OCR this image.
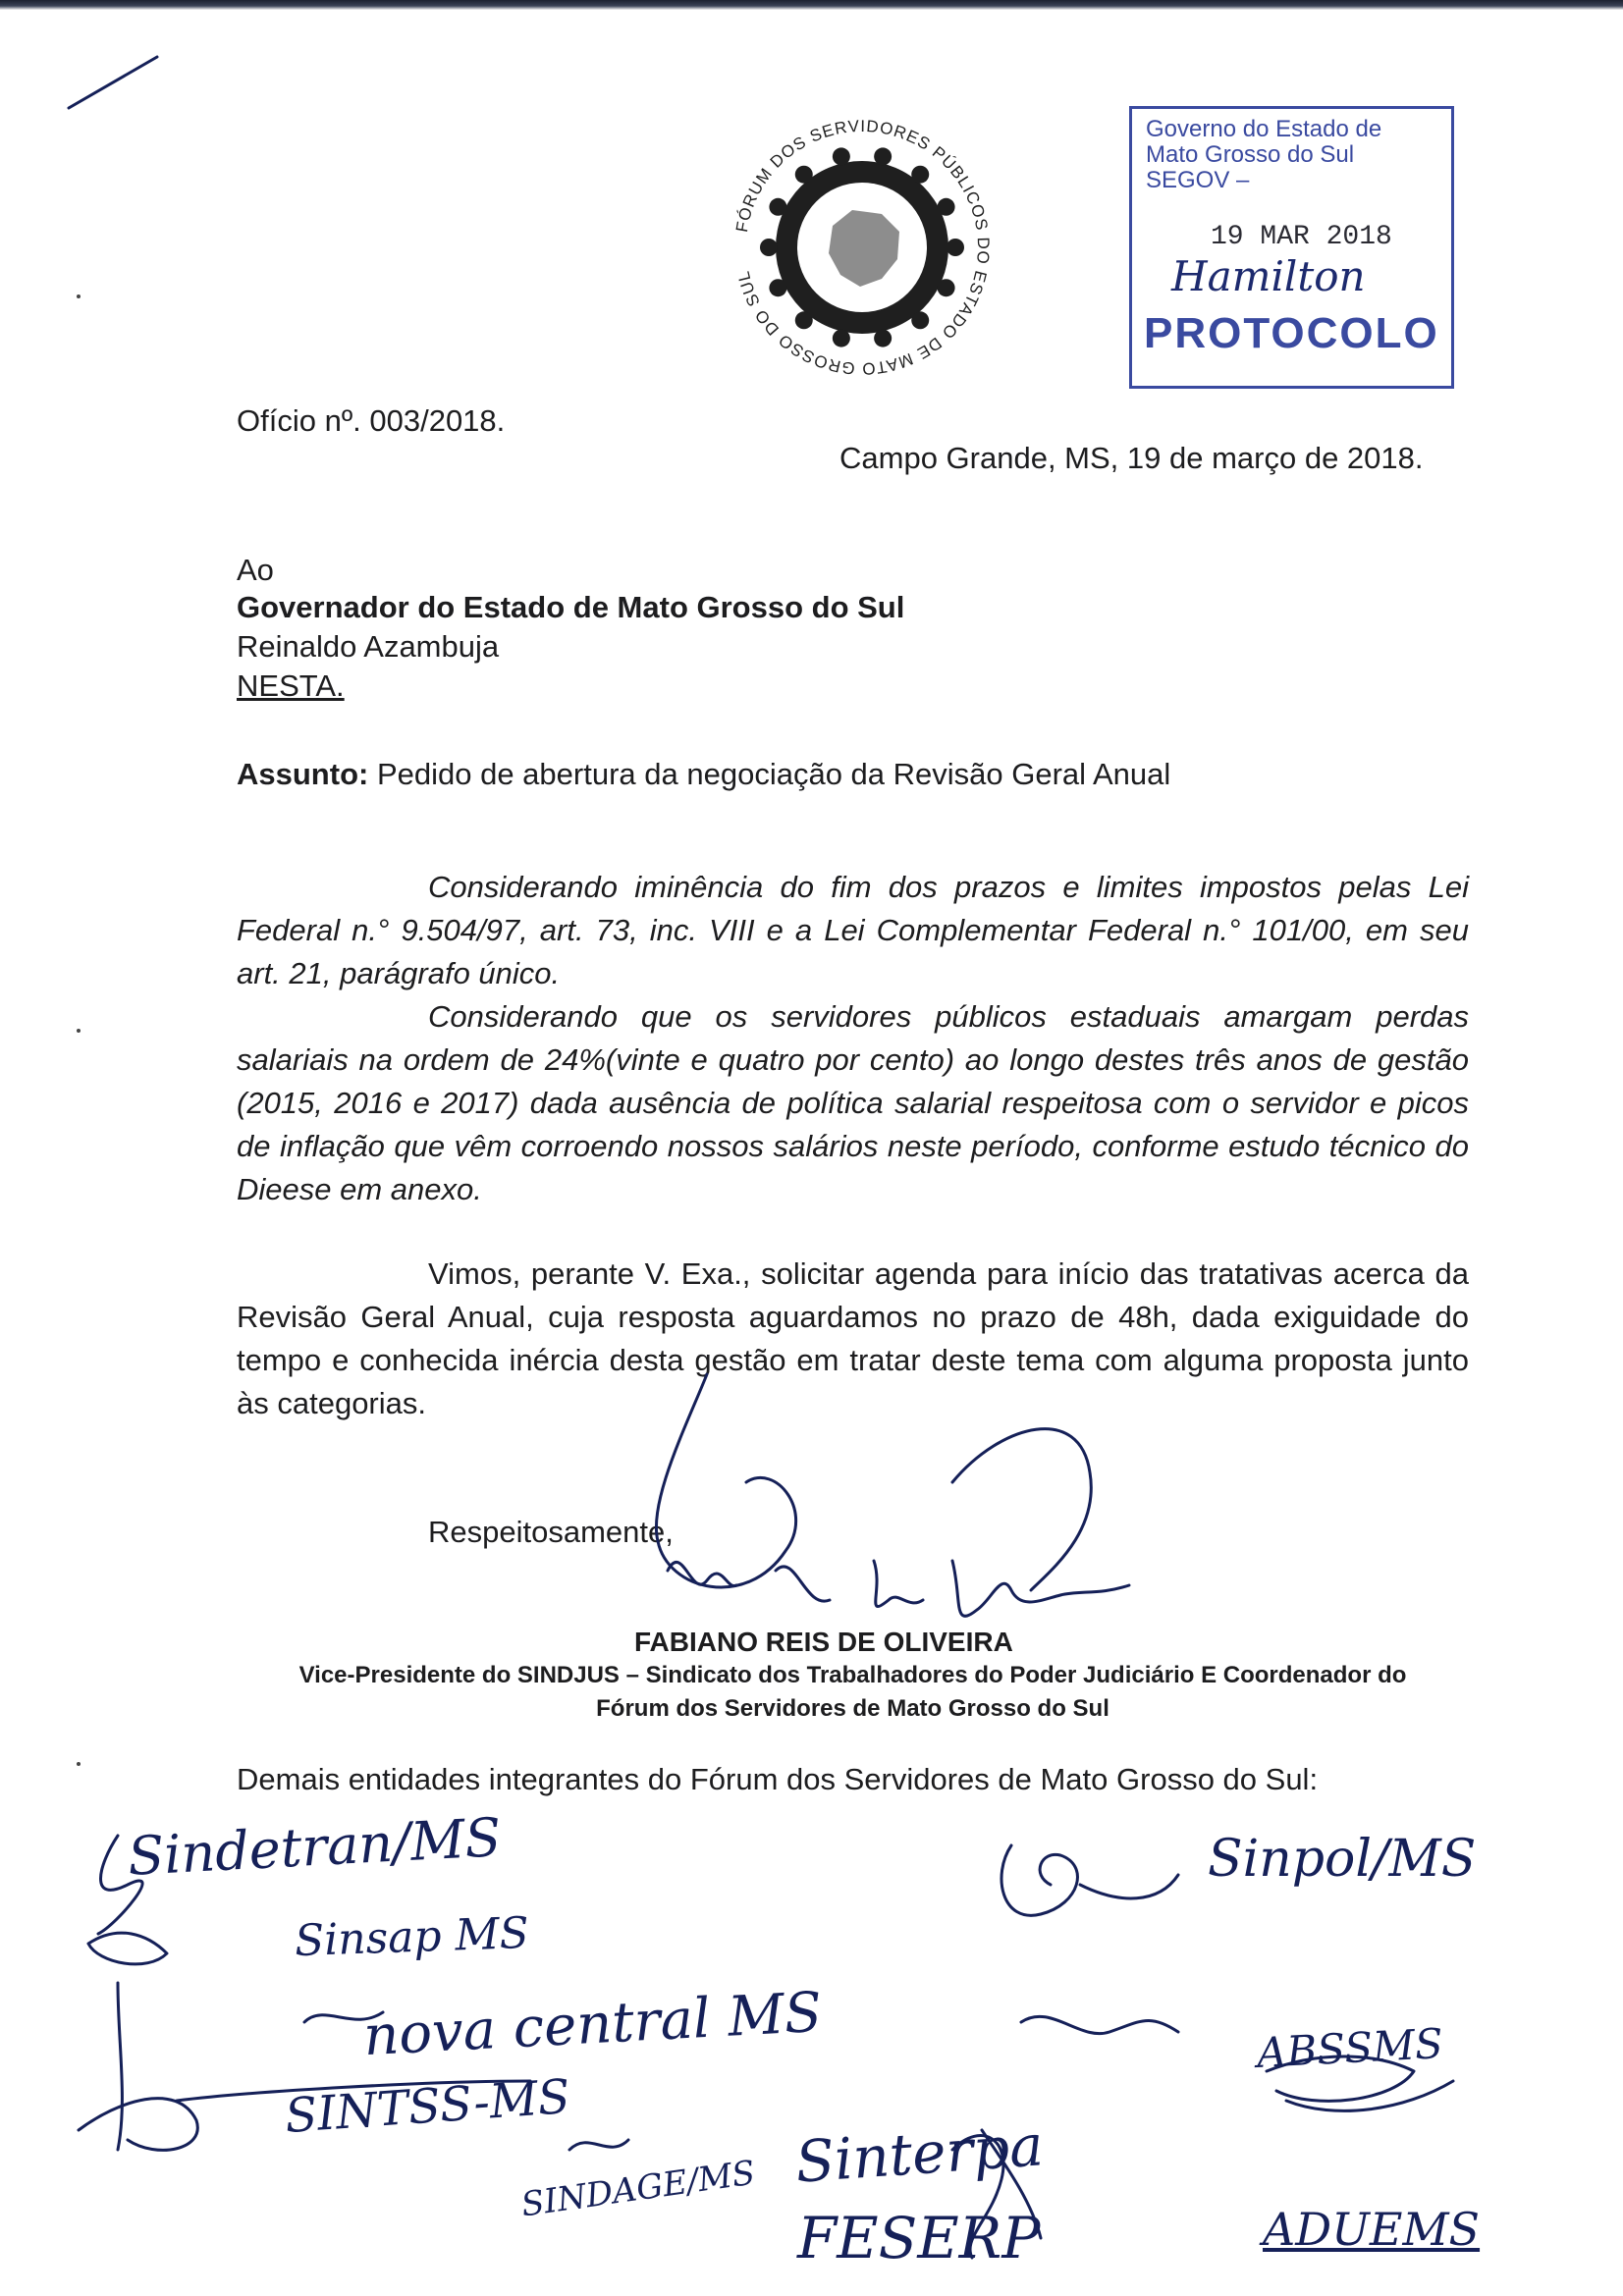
FÓRUM DOS SERVIDORES PÚBLICOS DO ESTADO DE MATO GROSSO DO SUL
Governo do Estado de
Mato Grosso do Sul
SEGOV –
19 MAR 2018
Hamilton
PROTOCOLO
Ofício nº. 003/2018.
Campo Grande, MS, 19 de março de 2018.
Ao
Governador do Estado de Mato Grosso do Sul
Reinaldo Azambuja
NESTA.
Assunto: Pedido de abertura da negociação da Revisão Geral Anual
Considerando iminência do fim dos prazos e limites impostos pelas Lei Federal n.° 9.504/97, art. 73, inc. VIII e a Lei Complementar Federal n.° 101/00, em seu art. 21, parágrafo único.
Considerando que os servidores públicos estaduais amargam perdas salariais na ordem de 24%(vinte e quatro por cento) ao longo destes três anos de gestão (2015, 2016 e 2017) dada ausência de política salarial respeitosa com o servidor e picos de inflação que vêm corroendo nossos salários neste período, conforme estudo técnico do Dieese em anexo.
Vimos, perante V. Exa., solicitar agenda para início das tratativas acerca da Revisão Geral Anual, cuja resposta aguardamos no prazo de 48h, dada exiguidade do tempo e conhecida inércia desta gestão em tratar deste tema com alguma proposta junto às categorias.
Respeitosamente,
FABIANO REIS DE OLIVEIRA
Vice-Presidente do SINDJUS – Sindicato dos Trabalhadores do Poder Judiciário E Coordenador do
Fórum dos Servidores de Mato Grosso do Sul
Demais entidades integrantes do Fórum dos Servidores de Mato Grosso do Sul:
Sindetran/MS
Sinsap MS
nova central MS
SINTSS-MS
SINDAGE/MS
Sinpol/MS
ABSSMS
Sinterpa
FESERP	ADUEMS
